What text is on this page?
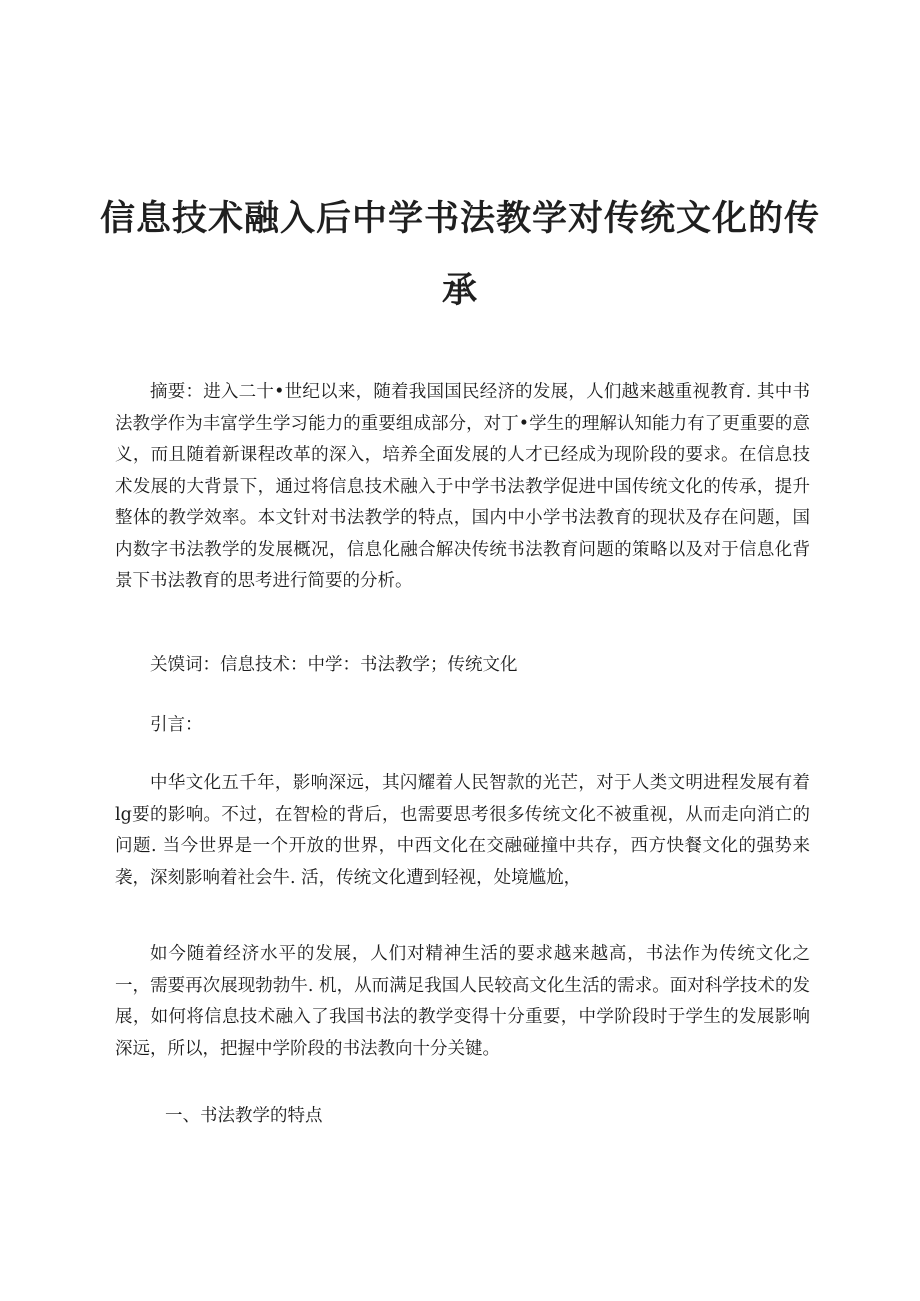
信息技术融入后中学书法教学对传统文化的传
承

摘要：进入二十•世纪以来，随着我国国民经济的发展，人们越来越重视教育. 其中书法教学作为丰富学生学习能力的重要组成部分，对丁•学生的理解认知能力有了更重要的意义，而且随着新课程改革的深入，培养全面发展的人才已经成为现阶段的要求。在信息技术发展的大背景下，通过将信息技术融入于中学书法教学促进中国传统文化的传承，提升整体的教学效率。本文针对书法教学的特点，国内中小学书法教育的现状及存在问题，国内数字书法教学的发展概况，信息化融合解决传统书法教育问题的策略以及对于信息化背景下书法教育的思考进行简要的分析。

关馍词：信息技术：中学：书法教学；传统文化

引言：

中华文化五千年，影响深远，其闪耀着人民智款的光芒，对于人类文明进程发展有着lg要的影响。不过，在智检的背后，也需要思考很多传统文化不被重视，从而走向消亡的问题. 当今世界是一个开放的世界，中西文化在交融碰撞中共存，西方快餐文化的强势来袭，深刻影响着社会牛. 活，传统文化遭到轻视，处境尴尬，

如今随着经济水平的发展，人们对精神生活的要求越来越高，书法作为传统文化之一，需要再次展现勃勃牛. 机，从而满足我国人民较高文化生活的需求。面对科学技术的发展，如何将信息技术融入了我国书法的教学变得十分重要，中学阶段时于学生的发展影响深远，所以，把握中学阶段的书法教向十分关键。

一、书法教学的特点
